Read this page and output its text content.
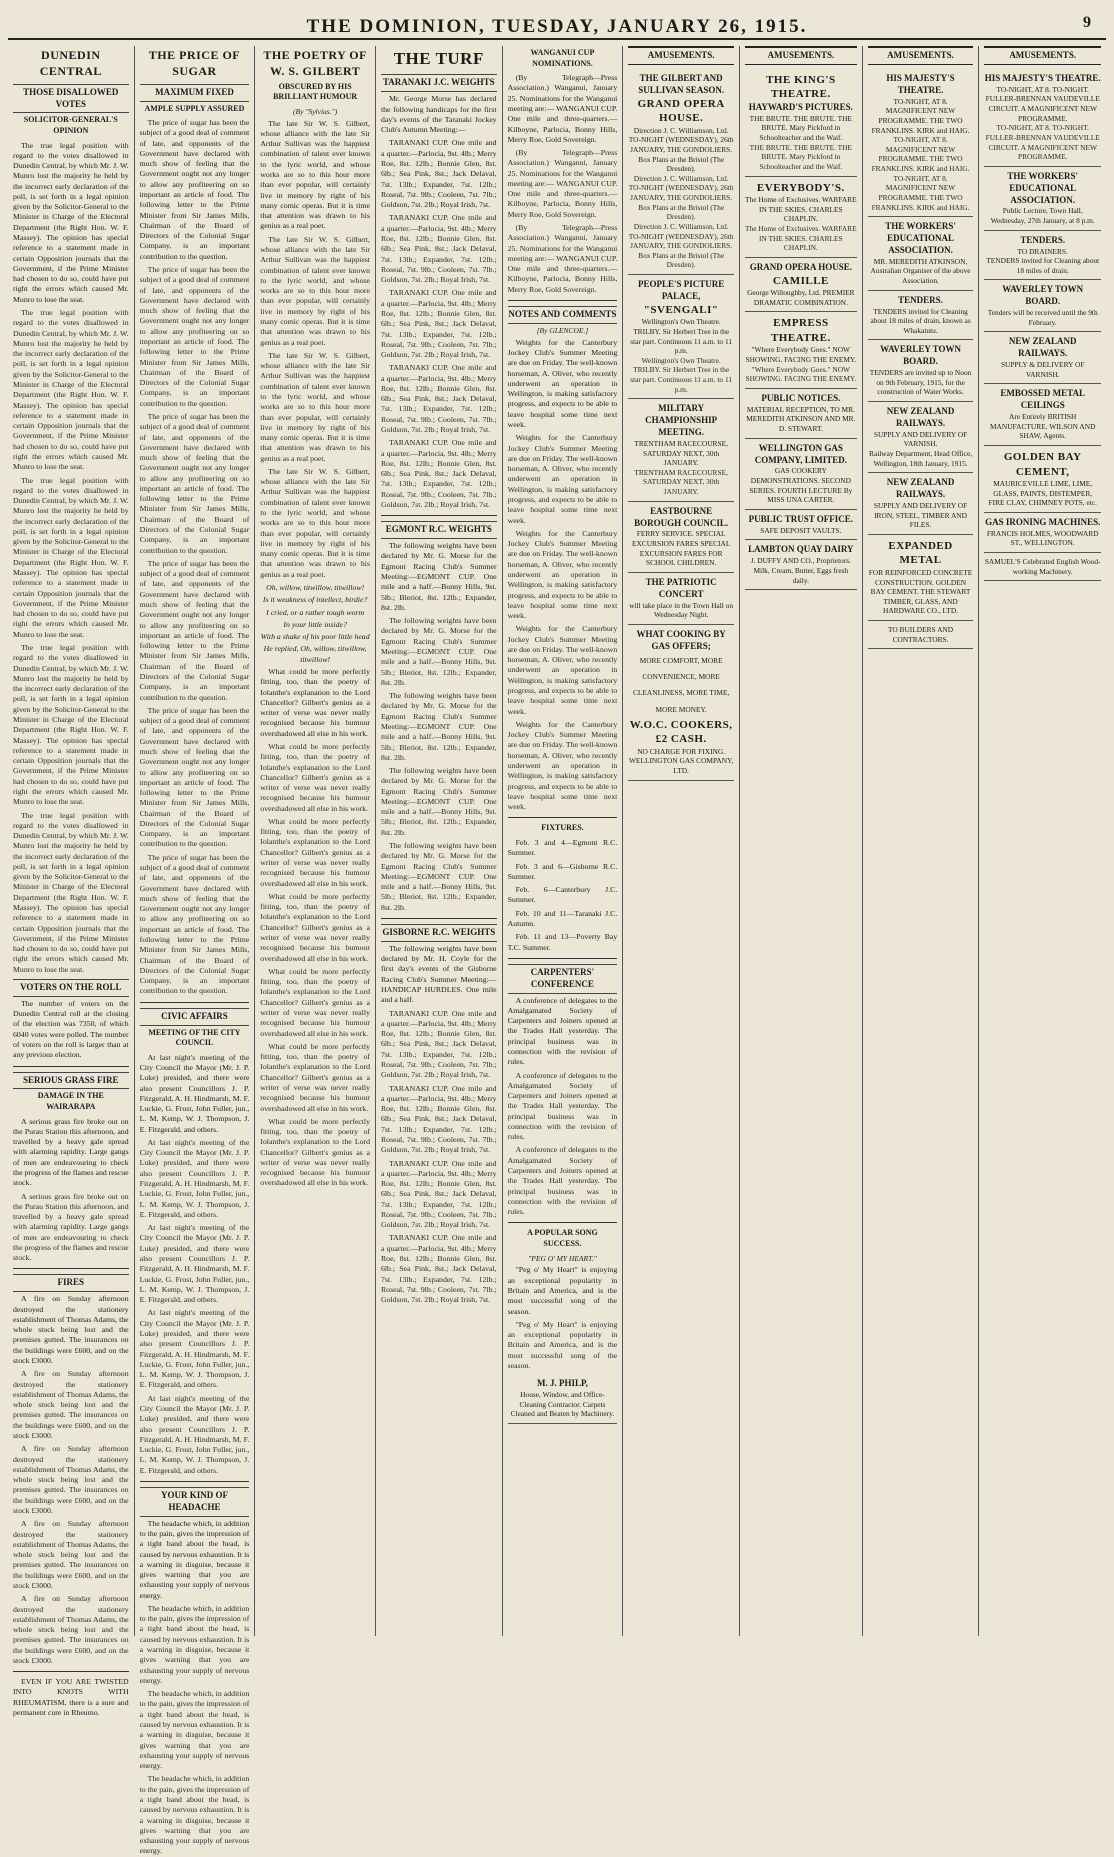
THE DOMINION, TUESDAY, JANUARY 26, 1915.	9
DUNEDIN CENTRAL
THOSE DISALLOWED VOTES
SOLICITOR-GENERAL'S OPINION

The true legal position with regard to the votes disallowed in Dunedin Central, by which Mr. J. W. Munro lost the majority he held by the incorrect early declaration of the poll, is set forth in a legal opinion given by the Solicitor-General to the Minister in Charge of the Electoral Department (the Right Hon. W. F. Massey). The opinion has special reference to a statement made in certain Opposition journals that the Government, if the Prime Minister had chosen to do so, could have put right the errors which caused Mr. Munro to lose the seat.

The true legal position with regard to the votes disallowed in Dunedin Central, by which Mr. J. W. Munro lost the majority he held by the incorrect early declaration of the poll, is set forth in a legal opinion given by the Solicitor-General to the Minister in Charge of the Electoral Department (the Right Hon. W. F. Massey). The opinion has special reference to a statement made in certain Opposition journals that the Government, if the Prime Minister had chosen to do so, could have put right the errors which caused Mr. Munro to lose the seat.

The true legal position with regard to the votes disallowed in Dunedin Central, by which Mr. J. W. Munro lost the majority he held by the incorrect early declaration of the poll, is set forth in a legal opinion given by the Solicitor-General to the Minister in Charge of the Electoral Department (the Right Hon. W. F. Massey). The opinion has special reference to a statement made in certain Opposition journals that the Government, if the Prime Minister had chosen to do so, could have put right the errors which caused Mr. Munro to lose the seat.

The true legal position with regard to the votes disallowed in Dunedin Central, by which Mr. J. W. Munro lost the majority he held by the incorrect early declaration of the poll, is set forth in a legal opinion given by the Solicitor-General to the Minister in Charge of the Electoral Department (the Right Hon. W. F. Massey). The opinion has special reference to a statement made in certain Opposition journals that the Government, if the Prime Minister had chosen to do so, could have put right the errors which caused Mr. Munro to lose the seat.

The true legal position with regard to the votes disallowed in Dunedin Central, by which Mr. J. W. Munro lost the majority he held by the incorrect early declaration of the poll, is set forth in a legal opinion given by the Solicitor-General to the Minister in Charge of the Electoral Department (the Right Hon. W. F. Massey). The opinion has special reference to a statement made in certain Opposition journals that the Government, if the Prime Minister had chosen to do so, could have put right the errors which caused Mr. Munro to lose the seat.

VOTERS ON THE ROLL

The number of voters on the Dunedin Central roll at the closing of the election was 7350, of which 6040 votes were polled. The number of voters on the roll is larger than at any previous election.

SERIOUS GRASS FIRE
DAMAGE IN THE WAIRARAPA

A serious grass fire broke out on the Purau Station this afternoon, and travelled by a heavy gale spread with alarming rapidity. Large gangs of men are endeavouring to check the progress of the flames and rescue stock.

A serious grass fire broke out on the Purau Station this afternoon, and travelled by a heavy gale spread with alarming rapidity. Large gangs of men are endeavouring to check the progress of the flames and rescue stock.

FIRES

A fire on Sunday afternoon destroyed the stationery establishment of Thomas Adams, the whole stock being lost and the premises gutted. The insurances on the buildings were £600, and on the stock £3000.

A fire on Sunday afternoon destroyed the stationery establishment of Thomas Adams, the whole stock being lost and the premises gutted. The insurances on the buildings were £600, and on the stock £3000.

A fire on Sunday afternoon destroyed the stationery establishment of Thomas Adams, the whole stock being lost and the premises gutted. The insurances on the buildings were £600, and on the stock £3000.

A fire on Sunday afternoon destroyed the stationery establishment of Thomas Adams, the whole stock being lost and the premises gutted. The insurances on the buildings were £600, and on the stock £3000.

A fire on Sunday afternoon destroyed the stationery establishment of Thomas Adams, the whole stock being lost and the premises gutted. The insurances on the buildings were £600, and on the stock £3000.

EVEN IF YOU ARE TWISTED INTO KNOTS WITH RHEUMATISM, there is a sure and permanent cure in Rheumo.

THE PRICE OF SUGAR
MAXIMUM FIXED
AMPLE SUPPLY ASSURED

The price of sugar has been the subject of a good deal of comment of late, and opponents of the Government have declared with much show of feeling that the Government ought not any longer to allow any profiteering on so important an article of food. The following letter to the Prime Minister from Sir James Mills, Chairman of the Board of Directors of the Colonial Sugar Company, is an important contribution to the question.

The price of sugar has been the subject of a good deal of comment of late, and opponents of the Government have declared with much show of feeling that the Government ought not any longer to allow any profiteering on so important an article of food. The following letter to the Prime Minister from Sir James Mills, Chairman of the Board of Directors of the Colonial Sugar Company, is an important contribution to the question.

The price of sugar has been the subject of a good deal of comment of late, and opponents of the Government have declared with much show of feeling that the Government ought not any longer to allow any profiteering on so important an article of food. The following letter to the Prime Minister from Sir James Mills, Chairman of the Board of Directors of the Colonial Sugar Company, is an important contribution to the question.

The price of sugar has been the subject of a good deal of comment of late, and opponents of the Government have declared with much show of feeling that the Government ought not any longer to allow any profiteering on so important an article of food. The following letter to the Prime Minister from Sir James Mills, Chairman of the Board of Directors of the Colonial Sugar Company, is an important contribution to the question.

The price of sugar has been the subject of a good deal of comment of late, and opponents of the Government have declared with much show of feeling that the Government ought not any longer to allow any profiteering on so important an article of food. The following letter to the Prime Minister from Sir James Mills, Chairman of the Board of Directors of the Colonial Sugar Company, is an important contribution to the question.

The price of sugar has been the subject of a good deal of comment of late, and opponents of the Government have declared with much show of feeling that the Government ought not any longer to allow any profiteering on so important an article of food. The following letter to the Prime Minister from Sir James Mills, Chairman of the Board of Directors of the Colonial Sugar Company, is an important contribution to the question.

CIVIC AFFAIRS
MEETING OF THE CITY COUNCIL

At last night's meeting of the City Council the Mayor (Mr. J. P. Luke) presided, and there were also present Councillors J. P. Fitzgerald, A. H. Hindmarsh, M. F. Luckie, G. Frost, John Fuller, jun., L. M. Kemp, W. J. Thompson, J. E. Fitzgerald, and others.

At last night's meeting of the City Council the Mayor (Mr. J. P. Luke) presided, and there were also present Councillors J. P. Fitzgerald, A. H. Hindmarsh, M. F. Luckie, G. Frost, John Fuller, jun., L. M. Kemp, W. J. Thompson, J. E. Fitzgerald, and others.

At last night's meeting of the City Council the Mayor (Mr. J. P. Luke) presided, and there were also present Councillors J. P. Fitzgerald, A. H. Hindmarsh, M. F. Luckie, G. Frost, John Fuller, jun., L. M. Kemp, W. J. Thompson, J. E. Fitzgerald, and others.

At last night's meeting of the City Council the Mayor (Mr. J. P. Luke) presided, and there were also present Councillors J. P. Fitzgerald, A. H. Hindmarsh, M. F. Luckie, G. Frost, John Fuller, jun., L. M. Kemp, W. J. Thompson, J. E. Fitzgerald, and others.

At last night's meeting of the City Council the Mayor (Mr. J. P. Luke) presided, and there were also present Councillors J. P. Fitzgerald, A. H. Hindmarsh, M. F. Luckie, G. Frost, John Fuller, jun., L. M. Kemp, W. J. Thompson, J. E. Fitzgerald, and others.

YOUR KIND OF HEADACHE

The headache which, in addition to the pain, gives the impression of a tight band about the head, is caused by nervous exhaustion. It is a warning in disguise, because it gives warning that you are exhausting your supply of nervous energy.

The headache which, in addition to the pain, gives the impression of a tight band about the head, is caused by nervous exhaustion. It is a warning in disguise, because it gives warning that you are exhausting your supply of nervous energy.

The headache which, in addition to the pain, gives the impression of a tight band about the head, is caused by nervous exhaustion. It is a warning in disguise, because it gives warning that you are exhausting your supply of nervous energy.

The headache which, in addition to the pain, gives the impression of a tight band about the head, is caused by nervous exhaustion. It is a warning in disguise, because it gives warning that you are exhausting your supply of nervous energy.

THE POETRY OF W. S. GILBERT
OBSCURED BY HIS BRILLIANT HUMOUR
(By "Sylvius.")

The late Sir W. S. Gilbert, whose alliance with the late Sir Arthur Sullivan was the happiest combination of talent ever known to the lyric world, and whose works are so to this hour more than ever popular, will certainly live in memory by right of his many comic operas. But it is time that attention was drawn to his genius as a real poet.

The late Sir W. S. Gilbert, whose alliance with the late Sir Arthur Sullivan was the happiest combination of talent ever known to the lyric world, and whose works are so to this hour more than ever popular, will certainly live in memory by right of his many comic operas. But it is time that attention was drawn to his genius as a real poet.

The late Sir W. S. Gilbert, whose alliance with the late Sir Arthur Sullivan was the happiest combination of talent ever known to the lyric world, and whose works are so to this hour more than ever popular, will certainly live in memory by right of his many comic operas. But it is time that attention was drawn to his genius as a real poet.

The late Sir W. S. Gilbert, whose alliance with the late Sir Arthur Sullivan was the happiest combination of talent ever known to the lyric world, and whose works are so to this hour more than ever popular, will certainly live in memory by right of his many comic operas. But it is time that attention was drawn to his genius as a real poet.

Oh, willow, titwillow, titwillow!

Is it weakness of intellect, birdie?

I cried, or a rather tough worm

In your little inside?

With a shake of his poor little head

He replied, Oh, willow, titwillow, titwillow!

What could be more perfectly fitting, too, than the poetry of Iolanthe's explanation to the Lord Chancellor? Gilbert's genius as a writer of verse was never really recognised because his humour overshadowed all else in his work.

What could be more perfectly fitting, too, than the poetry of Iolanthe's explanation to the Lord Chancellor? Gilbert's genius as a writer of verse was never really recognised because his humour overshadowed all else in his work.

What could be more perfectly fitting, too, than the poetry of Iolanthe's explanation to the Lord Chancellor? Gilbert's genius as a writer of verse was never really recognised because his humour overshadowed all else in his work.

What could be more perfectly fitting, too, than the poetry of Iolanthe's explanation to the Lord Chancellor? Gilbert's genius as a writer of verse was never really recognised because his humour overshadowed all else in his work.

What could be more perfectly fitting, too, than the poetry of Iolanthe's explanation to the Lord Chancellor? Gilbert's genius as a writer of verse was never really recognised because his humour overshadowed all else in his work.

What could be more perfectly fitting, too, than the poetry of Iolanthe's explanation to the Lord Chancellor? Gilbert's genius as a writer of verse was never really recognised because his humour overshadowed all else in his work.

What could be more perfectly fitting, too, than the poetry of Iolanthe's explanation to the Lord Chancellor? Gilbert's genius as a writer of verse was never really recognised because his humour overshadowed all else in his work.

THE TURF
TARANAKI J.C. WEIGHTS

Mr. George Morse has declared the following handicaps for the first day's events of the Taranaki Jockey Club's Autumn Meeting:—

TARANAKI CUP. One mile and a quarter.—Parlocia, 9st. 4lb.; Merry Roe, 8st. 12lb.; Bonnie Glen, 8st. 6lb.; Sea Pink, 8st.; Jack Delaval, 7st. 13lb.; Expander, 7st. 12lb.; Roseal, 7st. 9lb.; Cooleen, 7st. 7lb.; Goldson, 7st. 2lb.; Royal Irish, 7st.

TARANAKI CUP. One mile and a quarter.—Parlocia, 9st. 4lb.; Merry Roe, 8st. 12lb.; Bonnie Glen, 8st. 6lb.; Sea Pink, 8st.; Jack Delaval, 7st. 13lb.; Expander, 7st. 12lb.; Roseal, 7st. 9lb.; Cooleen, 7st. 7lb.; Goldson, 7st. 2lb.; Royal Irish, 7st.

TARANAKI CUP. One mile and a quarter.—Parlocia, 9st. 4lb.; Merry Roe, 8st. 12lb.; Bonnie Glen, 8st. 6lb.; Sea Pink, 8st.; Jack Delaval, 7st. 13lb.; Expander, 7st. 12lb.; Roseal, 7st. 9lb.; Cooleen, 7st. 7lb.; Goldson, 7st. 2lb.; Royal Irish, 7st.

TARANAKI CUP. One mile and a quarter.—Parlocia, 9st. 4lb.; Merry Roe, 8st. 12lb.; Bonnie Glen, 8st. 6lb.; Sea Pink, 8st.; Jack Delaval, 7st. 13lb.; Expander, 7st. 12lb.; Roseal, 7st. 9lb.; Cooleen, 7st. 7lb.; Goldson, 7st. 2lb.; Royal Irish, 7st.

TARANAKI CUP. One mile and a quarter.—Parlocia, 9st. 4lb.; Merry Roe, 8st. 12lb.; Bonnie Glen, 8st. 6lb.; Sea Pink, 8st.; Jack Delaval, 7st. 13lb.; Expander, 7st. 12lb.; Roseal, 7st. 9lb.; Cooleen, 7st. 7lb.; Goldson, 7st. 2lb.; Royal Irish, 7st.

EGMONT R.C. WEIGHTS

The following weights have been declared by Mr. G. Morse for the Egmont Racing Club's Summer Meeting:—EGMONT CUP. One mile and a half.—Bonny Hills, 9st. 5lb.; Bleriot, 8st. 12lb.; Expander, 8st. 2lb.

The following weights have been declared by Mr. G. Morse for the Egmont Racing Club's Summer Meeting:—EGMONT CUP. One mile and a half.—Bonny Hills, 9st. 5lb.; Bleriot, 8st. 12lb.; Expander, 8st. 2lb.

The following weights have been declared by Mr. G. Morse for the Egmont Racing Club's Summer Meeting:—EGMONT CUP. One mile and a half.—Bonny Hills, 9st. 5lb.; Bleriot, 8st. 12lb.; Expander, 8st. 2lb.

The following weights have been declared by Mr. G. Morse for the Egmont Racing Club's Summer Meeting:—EGMONT CUP. One mile and a half.—Bonny Hills, 9st. 5lb.; Bleriot, 8st. 12lb.; Expander, 8st. 2lb.

The following weights have been declared by Mr. G. Morse for the Egmont Racing Club's Summer Meeting:—EGMONT CUP. One mile and a half.—Bonny Hills, 9st. 5lb.; Bleriot, 8st. 12lb.; Expander, 8st. 2lb.

GISBORNE R.C. WEIGHTS

The following weights have been declared by Mr. H. Coyle for the first day's events of the Gisborne Racing Club's Summer Meeting:— HANDICAP HURDLES. One mile and a half.

TARANAKI CUP. One mile and a quarter.—Parlocia, 9st. 4lb.; Merry Roe, 8st. 12lb.; Bonnie Glen, 8st. 6lb.; Sea Pink, 8st.; Jack Delaval, 7st. 13lb.; Expander, 7st. 12lb.; Roseal, 7st. 9lb.; Cooleen, 7st. 7lb.; Goldson, 7st. 2lb.; Royal Irish, 7st.

TARANAKI CUP. One mile and a quarter.—Parlocia, 9st. 4lb.; Merry Roe, 8st. 12lb.; Bonnie Glen, 8st. 6lb.; Sea Pink, 8st.; Jack Delaval, 7st. 13lb.; Expander, 7st. 12lb.; Roseal, 7st. 9lb.; Cooleen, 7st. 7lb.; Goldson, 7st. 2lb.; Royal Irish, 7st.

TARANAKI CUP. One mile and a quarter.—Parlocia, 9st. 4lb.; Merry Roe, 8st. 12lb.; Bonnie Glen, 8st. 6lb.; Sea Pink, 8st.; Jack Delaval, 7st. 13lb.; Expander, 7st. 12lb.; Roseal, 7st. 9lb.; Cooleen, 7st. 7lb.; Goldson, 7st. 2lb.; Royal Irish, 7st.

TARANAKI CUP. One mile and a quarter.—Parlocia, 9st. 4lb.; Merry Roe, 8st. 12lb.; Bonnie Glen, 8st. 6lb.; Sea Pink, 8st.; Jack Delaval, 7st. 13lb.; Expander, 7st. 12lb.; Roseal, 7st. 9lb.; Cooleen, 7st. 7lb.; Goldson, 7st. 2lb.; Royal Irish, 7st.

WANGANUI CUP NOMINATIONS.

(By Telegraph—Press Association.) Wanganui, January 25. Nominations for the Wanganui meeting are:— WANGANUI CUP. One mile and three-quarters.—Kilboyne, Parlocia, Bonny Hills, Merry Roe, Gold Sovereign.

(By Telegraph—Press Association.) Wanganui, January 25. Nominations for the Wanganui meeting are:— WANGANUI CUP. One mile and three-quarters.—Kilboyne, Parlocia, Bonny Hills, Merry Roe, Gold Sovereign.

(By Telegraph—Press Association.) Wanganui, January 25. Nominations for the Wanganui meeting are:— WANGANUI CUP. One mile and three-quarters.—Kilboyne, Parlocia, Bonny Hills, Merry Roe, Gold Sovereign.

NOTES AND COMMENTS
[By GLENCOE.]

Weights for the Canterbury Jockey Club's Summer Meeting are due on Friday. The well-known horseman, A. Oliver, who recently underwent an operation in Wellington, is making satisfactory progress, and expects to be able to leave hospital some time next week.

Weights for the Canterbury Jockey Club's Summer Meeting are due on Friday. The well-known horseman, A. Oliver, who recently underwent an operation in Wellington, is making satisfactory progress, and expects to be able to leave hospital some time next week.

Weights for the Canterbury Jockey Club's Summer Meeting are due on Friday. The well-known horseman, A. Oliver, who recently underwent an operation in Wellington, is making satisfactory progress, and expects to be able to leave hospital some time next week.

Weights for the Canterbury Jockey Club's Summer Meeting are due on Friday. The well-known horseman, A. Oliver, who recently underwent an operation in Wellington, is making satisfactory progress, and expects to be able to leave hospital some time next week.

Weights for the Canterbury Jockey Club's Summer Meeting are due on Friday. The well-known horseman, A. Oliver, who recently underwent an operation in Wellington, is making satisfactory progress, and expects to be able to leave hospital some time next week.

FIXTURES.

Feb. 3 and 4—Egmont R.C. Summer.

Feb. 3 and 6—Gisborne R.C. Summer.

Feb. 6—Canterbury J.C. Summer.

Feb. 10 and 11—Taranaki J.C. Autumn.

Feb. 11 and 13—Poverty Bay T.C. Summer.

CARPENTERS' CONFERENCE

A conference of delegates to the Amalgamated Society of Carpenters and Joiners opened at the Trades Hall yesterday. The principal business was in connection with the revision of rules.

A conference of delegates to the Amalgamated Society of Carpenters and Joiners opened at the Trades Hall yesterday. The principal business was in connection with the revision of rules.

A conference of delegates to the Amalgamated Society of Carpenters and Joiners opened at the Trades Hall yesterday. The principal business was in connection with the revision of rules.

A POPULAR SONG SUCCESS.
"PEG O' MY HEART."

"Peg o' My Heart" is enjoying an exceptional popularity in Britain and America, and is the most successful song of the season.

"Peg o' My Heart" is enjoying an exceptional popularity in Britain and America, and is the most successful song of the season.

M. J. PHILP,
House, Window, and Office-Cleaning Contractor. Carpets Cleaned and Beaten by Machinery.
AMUSEMENTS.
THE GILBERT AND SULLIVAN SEASON.
GRAND OPERA HOUSE.
Direction J. C. Williamson, Ltd. TO-NIGHT (WEDNESDAY), 26th JANUARY, THE GONDOLIERS. Box Plans at the Bristol (The Dresden).
Direction J. C. Williamson, Ltd. TO-NIGHT (WEDNESDAY), 26th JANUARY, THE GONDOLIERS. Box Plans at the Bristol (The Dresden).
Direction J. C. Williamson, Ltd. TO-NIGHT (WEDNESDAY), 26th JANUARY, THE GONDOLIERS. Box Plans at the Bristol (The Dresden).
PEOPLE'S PICTURE PALACE,
"SVENGALI"
Wellington's Own Theatre. TRILBY. Sir Herbert Tree in the star part. Continuous 11 a.m. to 11 p.m.
Wellington's Own Theatre. TRILBY. Sir Herbert Tree in the star part. Continuous 11 a.m. to 11 p.m.
MILITARY CHAMPIONSHIP MEETING.
TRENTHAM RACECOURSE, SATURDAY NEXT, 30th JANUARY.
TRENTHAM RACECOURSE, SATURDAY NEXT, 30th JANUARY.
EASTBOURNE BOROUGH COUNCIL.
FERRY SERVICE. SPECIAL EXCURSION FARES SPECIAL EXCURSION FARES FOR SCHOOL CHILDREN.
THE PATRIOTIC CONCERT
will take place in the Town Hall on Wednesday Night.
WHAT COOKING BY GAS OFFERS;
MORE COMFORT, MORE CONVENIENCE, MORE CLEANLINESS, MORE TIME, MORE MONEY.
W.O.C. COOKERS, £2 CASH.
NO CHARGE FOR FIXING. WELLINGTON GAS COMPANY, LTD.
AMUSEMENTS.
THE KING'S THEATRE.
HAYWARD'S PICTURES.
THE BRUTE. THE BRUTE. THE BRUTE. Mary Pickford in Schoolteacher and the Waif.
THE BRUTE. THE BRUTE. THE BRUTE. Mary Pickford in Schoolteacher and the Waif.
EVERYBODY'S.
The Home of Exclusives. WARFARE IN THE SKIES. CHARLES CHAPLIN.
The Home of Exclusives. WARFARE IN THE SKIES. CHARLES CHAPLIN.
GRAND OPERA HOUSE.
CAMILLE
George Willoughby, Ltd. PREMIER DRAMATIC COMBINATION.
EMPRESS THEATRE.
"Where Everybody Goes." NOW SHOWING. FACING THE ENEMY.
"Where Everybody Goes." NOW SHOWING. FACING THE ENEMY.
PUBLIC NOTICES.
MATERIAL RECEPTION, TO MR. MEREDITH ATKINSON AND MR. D. STEWART.
WELLINGTON GAS COMPANY, LIMITED.
GAS COOKERY DEMONSTRATIONS. SECOND SERIES. FOURTH LECTURE By MISS UNA CARTER.
PUBLIC TRUST OFFICE.
SAFE DEPOSIT VAULTS.
LAMBTON QUAY DAIRY
J. DUFFY AND CO., Proprietors. Milk, Cream, Butter, Eggs fresh daily.
AMUSEMENTS.
HIS MAJESTY'S THEATRE.
TO-NIGHT, AT 8. MAGNIFICENT NEW PROGRAMME. THE TWO FRANKLINS. KIRK and HAIG.
TO-NIGHT, AT 8. MAGNIFICENT NEW PROGRAMME. THE TWO FRANKLINS. KIRK and HAIG.
TO-NIGHT, AT 8. MAGNIFICENT NEW PROGRAMME. THE TWO FRANKLINS. KIRK and HAIG.
THE WORKERS' EDUCATIONAL ASSOCIATION.
MR. MEREDITH ATKINSON, Australian Organiser of the above Association.
TENDERS.
TENDERS invited for Cleaning about 18 miles of drain, known as Whakatutu.
WAVERLEY TOWN BOARD.
TENDERS are invited up to Noon on 9th February, 1915, for the construction of Water Works.
NEW ZEALAND RAILWAYS.
SUPPLY AND DELIVERY OF VARNISH.
Railway Department, Head Office, Wellington, 18th January, 1915.
NEW ZEALAND RAILWAYS.
SUPPLY AND DELIVERY OF IRON, STEEL, TIMBER AND FILES.
EXPANDED METAL
FOR REINFORCED CONCRETE CONSTRUCTION. GOLDEN BAY CEMENT. THE STEWART TIMBER, GLASS, AND HARDWARE CO., LTD.
TO BUILDERS AND CONTRACTORS.
AMUSEMENTS.
HIS MAJESTY'S THEATRE.
TO-NIGHT, AT 8. TO-NIGHT. FULLER-BRENNAN VAUDEVILLE CIRCUIT. A MAGNIFICENT NEW PROGRAMME.
TO-NIGHT, AT 8. TO-NIGHT. FULLER-BRENNAN VAUDEVILLE CIRCUIT. A MAGNIFICENT NEW PROGRAMME.
THE WORKERS' EDUCATIONAL ASSOCIATION.
Public Lecture, Town Hall, Wednesday, 27th January, at 8 p.m.
TENDERS.
TO DRAINERS.
TENDERS invited for Cleaning about 18 miles of drain.
WAVERLEY TOWN BOARD.
Tenders will be received until the 9th February.
NEW ZEALAND RAILWAYS.
SUPPLY & DELIVERY OF VARNISH.
EMBOSSED METAL CEILINGS
Are Entirely BRITISH MANUFACTURE. WILSON AND SHAW, Agents.
GOLDEN BAY CEMENT,
MAURICEVILLE LIME, LIME, GLASS, PAINTS, DISTEMPER, FIRE CLAY, CHIMNEY POTS, etc.
GAS IRONING MACHINES.
FRANCIS HOLMES, WOODWARD ST., WELLINGTON.
SAMUEL'S Celebrated English Wood-working Machinery.
